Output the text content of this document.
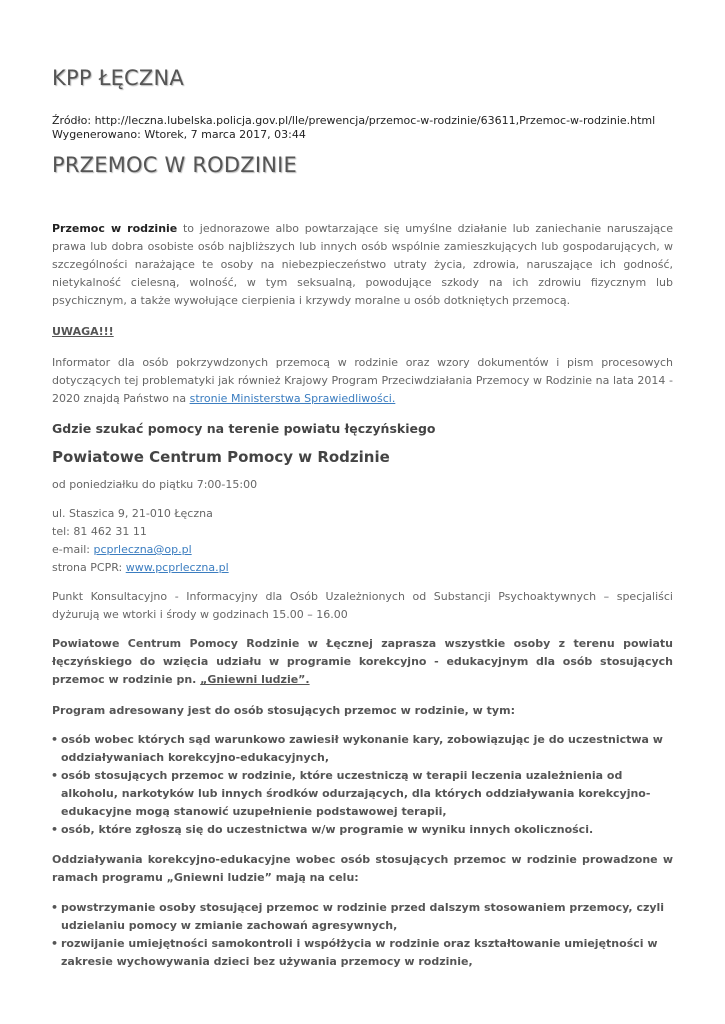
KPP ŁĘCZNA
Źródło: http://leczna.lubelska.policja.gov.pl/lle/prewencja/przemoc-w-rodzinie/63611,Przemoc-w-rodzinie.html
Wygenerowano: Wtorek, 7 marca 2017, 03:44
PRZEMOC W RODZINIE

Przemoc w rodzinie to jednorazowe albo powtarzające się umyślne działanie lub zaniechanie naruszające prawa lub dobra osobiste osób najbliższych lub innych osób wspólnie zamieszkujących lub gospodarujących, w szczególności narażające te osoby na niebezpieczeństwo utraty życia, zdrowia, naruszające ich godność, nietykalność cielesną, wolność, w tym seksualną, powodujące szkody na ich zdrowiu fizycznym lub psychicznym, a także wywołujące cierpienia i krzywdy moralne u osób dotkniętych przemocą.

UWAGA!!!

Informator dla osób pokrzywdzonych przemocą w rodzinie oraz wzory dokumentów i pism procesowych dotyczących tej problematyki jak również Krajowy Program Przeciwdziałania Przemocy w Rodzinie na lata 2014 - 2020 znajdą Państwo na stronie Ministerstwa Sprawiedliwości.

Gdzie szukać pomocy na terenie powiatu łęczyńskiego

Powiatowe Centrum Pomocy w Rodzinie

od poniedziałku do piątku 7:00-15:00

ul. Staszica 9, 21-010 Łęczna

tel: 81 462 31 11

e-mail: pcprleczna@op.pl

strona PCPR: www.pcprleczna.pl

Punkt Konsultacyjno - Informacyjny dla Osób Uzależnionych od Substancji Psychoaktywnych – specjaliści dyżurują we wtorki i środy w godzinach 15.00 – 16.00

Powiatowe Centrum Pomocy Rodzinie w Łęcznej zaprasza wszystkie osoby z terenu powiatu łęczyńskiego do wzięcia udziału w programie korekcyjno - edukacyjnym dla osób stosujących przemoc w rodzinie pn. „Gniewni ludzie”.

Program adresowany jest do osób stosujących przemoc w rodzinie, w tym:

• osób wobec których sąd warunkowo zawiesił wykonanie kary, zobowiązując je do uczestnictwa w oddziaływaniach korekcyjno-edukacyjnych,
• osób stosujących przemoc w rodzinie, które uczestniczą w terapii leczenia uzależnienia od alkoholu, narkotyków lub innych środków odurzających, dla których oddziaływania korekcyjno-edukacyjne mogą stanowić uzupełnienie podstawowej terapii,
• osób, które zgłoszą się do uczestnictwa w/w programie w wyniku innych okoliczności.

Oddziaływania korekcyjno-edukacyjne wobec osób stosujących przemoc w rodzinie prowadzone w ramach programu „Gniewni ludzie” mają na celu:

• powstrzymanie osoby stosującej przemoc w rodzinie przed dalszym stosowaniem przemocy, czyli udzielaniu pomocy w zmianie zachowań agresywnych,
• rozwijanie umiejętności samokontroli i współżycia w rodzinie oraz kształtowanie umiejętności w zakresie wychowywania dzieci bez używania przemocy w rodzinie,
